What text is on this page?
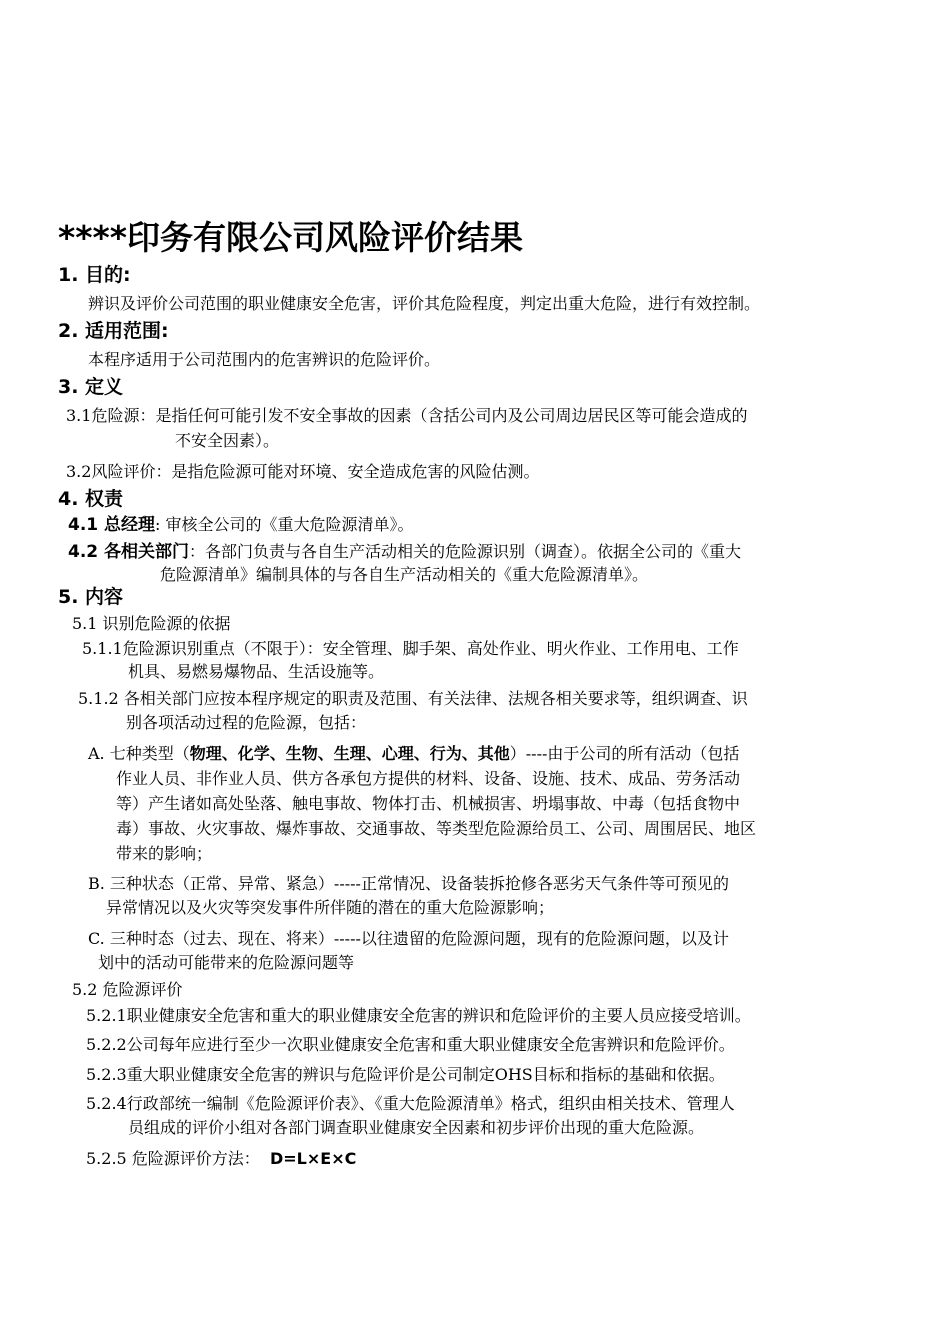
****印务有限公司风险评价结果
1. 目的:
辨识及评价公司范围的职业健康安全危害，评价其危险程度，判定出重大危险，进行有效控制。
2. 适用范围:
本程序适用于公司范围内的危害辨识的危险评价。
3. 定义
3.1危险源：是指任何可能引发不安全事故的因素（含括公司内及公司周边居民区等可能会造成的
不安全因素）。
3.2风险评价：是指危险源可能对环境、安全造成危害的风险估测。
4. 权责
4.1 总经理: 审核全公司的《重大危险源清单》。
4.2 各相关部门：各部门负责与各自生产活动相关的危险源识别（调查）。依据全公司的《重大
危险源清单》编制具体的与各自生产活动相关的《重大危险源清单》。
5. 内容
5.1 识别危险源的依据
5.1.1危险源识别重点（不限于）：安全管理、脚手架、高处作业、明火作业、工作用电、工作
机具、易燃易爆物品、生活设施等。
5.1.2 各相关部门应按本程序规定的职责及范围、有关法律、法规各相关要求等，组织调查、识
别各项活动过程的危险源，包括：
A. 七种类型（物理、化学、生物、生理、心理、行为、其他）----由于公司的所有活动（包括
作业人员、非作业人员、供方各承包方提供的材料、设备、设施、技术、成品、劳务活动
等）产生诸如高处坠落、触电事故、物体打击、机械损害、坍塌事故、中毒（包括食物中
毒）事故、火灾事故、爆炸事故、交通事故、等类型危险源给员工、公司、周围居民、地区
带来的影响；
B. 三种状态（正常、异常、紧急）-----正常情况、设备装拆抢修各恶劣天气条件等可预见的
异常情况以及火灾等突发事件所伴随的潜在的重大危险源影响；
C. 三种时态（过去、现在、将来）-----以往遗留的危险源问题，现有的危险源问题，以及计
划中的活动可能带来的危险源问题等
5.2 危险源评价
5.2.1职业健康安全危害和重大的职业健康安全危害的辨识和危险评价的主要人员应接受培训。
5.2.2公司每年应进行至少一次职业健康安全危害和重大职业健康安全危害辨识和危险评价。
5.2.3重大职业健康安全危害的辨识与危险评价是公司制定OHS目标和指标的基础和依据。
5.2.4行政部统一编制《危险源评价表》、《重大危险源清单》格式，组织由相关技术、管理人
员组成的评价小组对各部门调查职业健康安全因素和初步评价出现的重大危险源。
5.2.5 危险源评价方法： D=L×E×C
